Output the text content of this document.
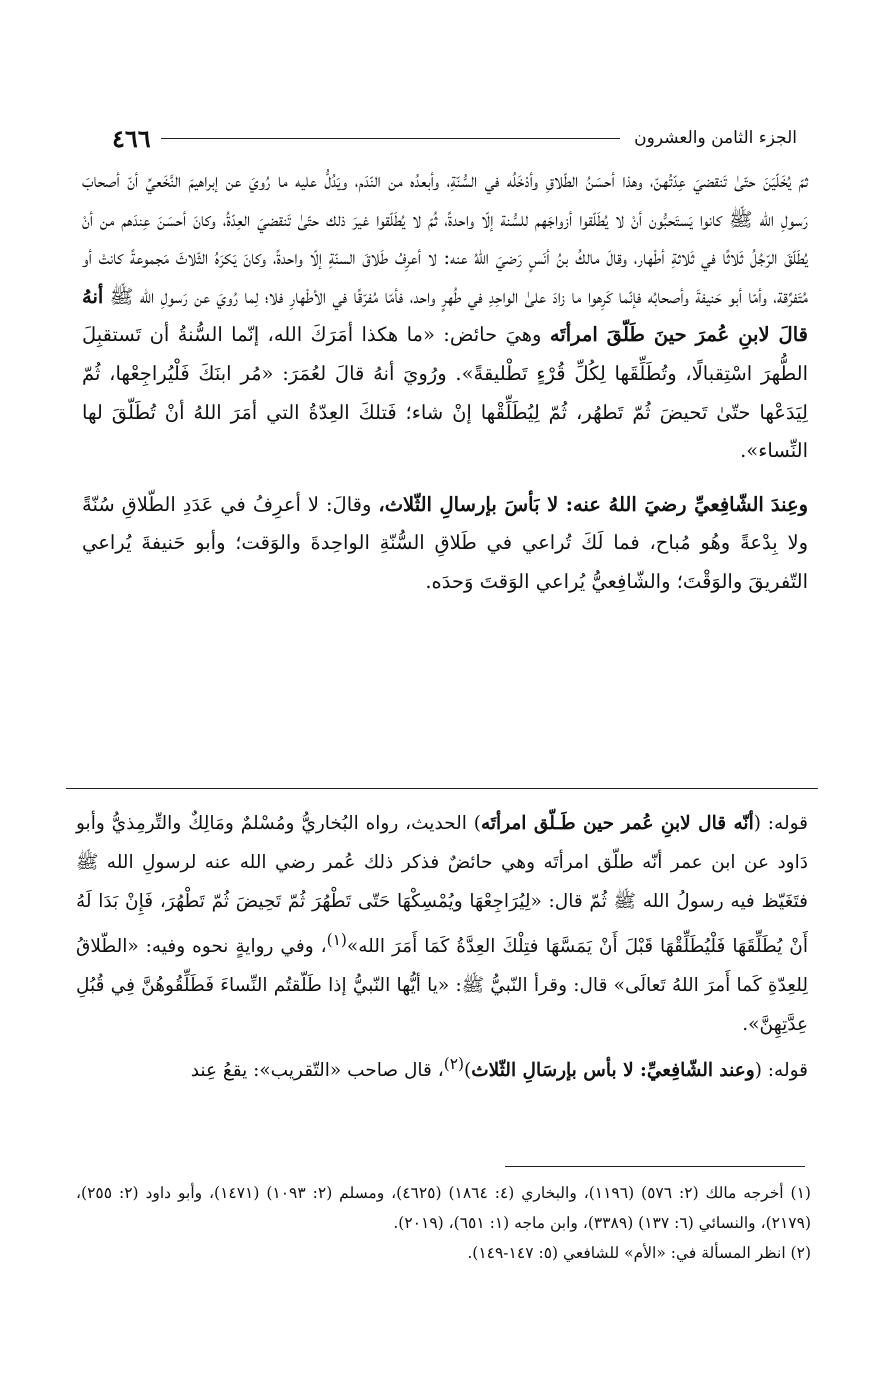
٤٦٦	الجزء الثامن والعشرون

ثمّ يُخَلّيَنَ حتّىٰ تَنقضيَ عِدّتُهنّ، وهذا أحسَنُ الطّلاقِ وأدْخَلُه في السُّنّةِ، وأبعدُه من النّدَم، ويَدُلُّ عليه ما رُويَ عن إبراهيمَ النَّخَعيِّ أنّ أصحابَ رَسولِ الله ﷺ كانوا يَستَحبُّون أنْ لا يُطَلّقوا أزواجَهم للسُّنة إلّا واحدةً، ثُمّ لا يُطَلّقوا غيرَ ذلك حتّىٰ تَنقضيَ العِدّةُ، وكانَ أحسَنَ عِندَهم من أنْ يُطَلّقَ الرّجُلُ ثَلاثًا في ثَلاثةِ أطْهار، وقالَ مالكُ بنُ أنَسٍ رَضيَ اللهُ عنه: لا أعرِفُ طَلاقَ السنّةِ إلّا واحدةً، وكانَ يَكرَهُ الثّلاثَ مَجموعةً كانتْ أو مُتَفرِّقة، وأمّا أبو حَنيفةَ وأصحابُه فإنّما كَرِهوا ما زادَ علىٰ الواحِدِ في طُهرٍ واحد، فأمّا مُفرّقًا في الأطْهارِ فلا؛ لِما رُويَ عن رَسولِ الله ﷺ أنهُ قالَ لابنِ عُمرَ حينَ طَلّقَ امرأتَه وهيَ حائض: «ما هكذا أمَرَكَ الله، إنّما السُّنةُ أن تَستقبِلَ الطُّهرَ اسْتِقبالًا، وتُطَلِّقَها لِكُلِّ قُرْءٍ تَطْليقةً». ورُويَ أنهُ قالَ لعُمَرَ: «مُر ابنَكَ فَلْيُراجِعْها، ثُمّ لِيَدَعْها حتّىٰ تَحيضَ ثُمّ تَطهُر، ثُمّ لِيُطَلِّقْها إنْ شاء؛ فَتلكَ العِدّةُ التي أمَرَ اللهُ أنْ تُطَلّقَ لها النِّساء».

وعِندَ الشّافِعيِّ رضيَ اللهُ عنه: لا بَأسَ بإرسالِ الثّلاث، وقالَ: لا أعرِفُ في عَدَدِ الطّلاقِ سُنّةً ولا بِدْعةً وهُو مُباح، فما لَكَ تُراعي في طَلاقِ السُّنّةِ الواحِدةَ والوَقت؛ وأبو حَنيفةَ يُراعي التّفريقَ والوَقْتَ؛ والشّافِعيُّ يُراعي الوَقتَ وَحدَه.

قوله: (أنّه قال لابنِ عُمر حين طَـلّق امرأتَه) الحديث، رواه البُخاريُّ ومُسْلمٌ ومَالِكٌ والتِّرمِذيُّ وأبو دَاود عن ابن عمر أنّه طلّق امرأتَه وهي حائضٌ فذكر ذلك عُمر رضي الله عنه لرسولِ الله ﷺ فتَغَيّظ فيه رسولُ الله ﷺ ثُمّ قال: «لِيُرَاجِعْهَا ويُمْسِكْهَا حَتّى تَطْهُرَ ثُمّ تَحِيضَ ثُمّ تَطْهُرَ، فَإِنْ بَدَا لَهُ أَنْ يُطَلِّقَهَا فَلْيُطَلِّقْهَا قَبْلَ أَنْ يَمَسَّهَا فتِلْكَ العِدَّةُ كَمَا أَمَرَ الله»$^{(١)}$، وفي روايةٍ نحوه وفيه: «الطّلاقُ لِلعِدّةِ كَما أَمرَ اللهُ تَعالَى» قال: وقرأ النّبيُّ ﷺ: «يا أيُّها النّبيُّ إذا طَلّقتُم النِّساءَ فَطَلِّقُوهُنَّ فِي قُبُلِ عِدَّتِهِنَّ».

قوله: (وعند الشّافِعيِّ: لا بأس بإرسَالِ الثّلاث)$^{(٢)}$، قال صاحب «التّقريب»: يقعُ عِند

(١) أخرجه مالك (٢: ٥٧٦) (١١٩٦)، والبخاري (٤: ١٨٦٤) (٤٦٢٥)، ومسلم (٢: ١٠٩٣) (١٤٧١)، وأبو داود (٢: ٢٥٥)، (٢١٧٩)، والنسائي (٦: ١٣٧) (٣٣٨٩)، وابن ماجه (١: ٦٥١)، (٢٠١٩).

(٢) انظر المسألة في: «الأم» للشافعي (٥: ١٤٧-١٤٩).
